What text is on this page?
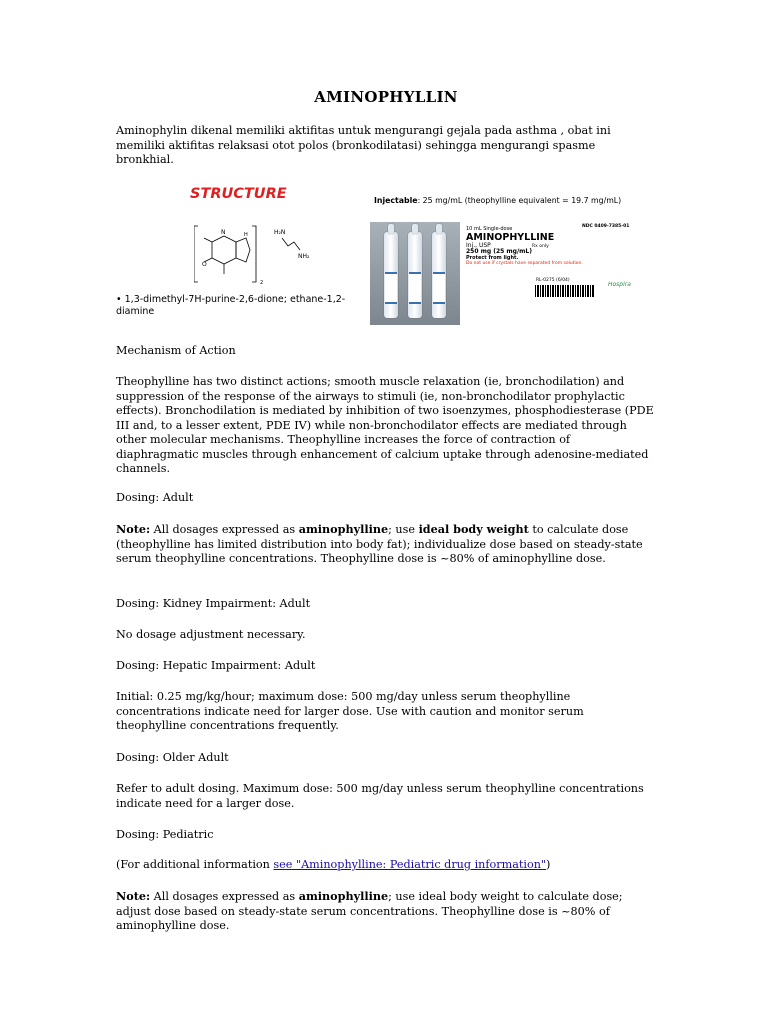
AMINOPHYLLIN
Aminophylin dikenal memiliki aktifitas untuk mengurangi gejala pada asthma , obat ini memiliki aktifitas relaksasi otot polos (bronkodilatasi) sehingga mengurangi spasme bronkhial.
STRUCTURE
O
N	H
2
H₂N
NH₂
• 1,3-dimethyl-7H-purine-2,6-dione; ethane-1,2-diamine
Injectable: 25 mg/mL (theophylline equivalent = 19.7 mg/mL)
10 mL Single-dose
AMINOPHYLLINE
Inj., USP
250 mg (25 mg/mL)
Protect from light.
Do not use if crystals have separated from solution.
NDC 0409-7385-01
Rx only
RL-0275 (6/04)
Hospira
Mechanism of Action
Theophylline has two distinct actions; smooth muscle relaxation (ie, bronchodilation) and suppression of the response of the airways to stimuli (ie, non-bronchodilator prophylactic effects). Bronchodilation is mediated by inhibition of two isoenzymes, phosphodiesterase (PDE III and, to a lesser extent, PDE IV) while non-bronchodilator effects are mediated through other molecular mechanisms. Theophylline increases the force of contraction of diaphragmatic muscles through enhancement of calcium uptake through adenosine-mediated channels.
Dosing: Adult
Note: All dosages expressed as aminophylline; use ideal body weight to calculate dose (theophylline has limited distribution into body fat); individualize dose based on steady-state serum theophylline concentrations. Theophylline dose is ~80% of aminophylline dose.
Dosing: Kidney Impairment: Adult
No dosage adjustment necessary.
Dosing: Hepatic Impairment: Adult
Initial: 0.25 mg/kg/hour; maximum dose: 500 mg/day unless serum theophylline concentrations indicate need for larger dose. Use with caution and monitor serum theophylline concentrations frequently.
Dosing: Older Adult
Refer to adult dosing. Maximum dose: 500 mg/day unless serum theophylline concentrations indicate need for a larger dose.
Dosing: Pediatric
(For additional information see "Aminophylline: Pediatric drug information")
Note: All dosages expressed as aminophylline; use ideal body weight to calculate dose; adjust dose based on steady-state serum concentrations. Theophylline dose is ~80% of aminophylline dose.
